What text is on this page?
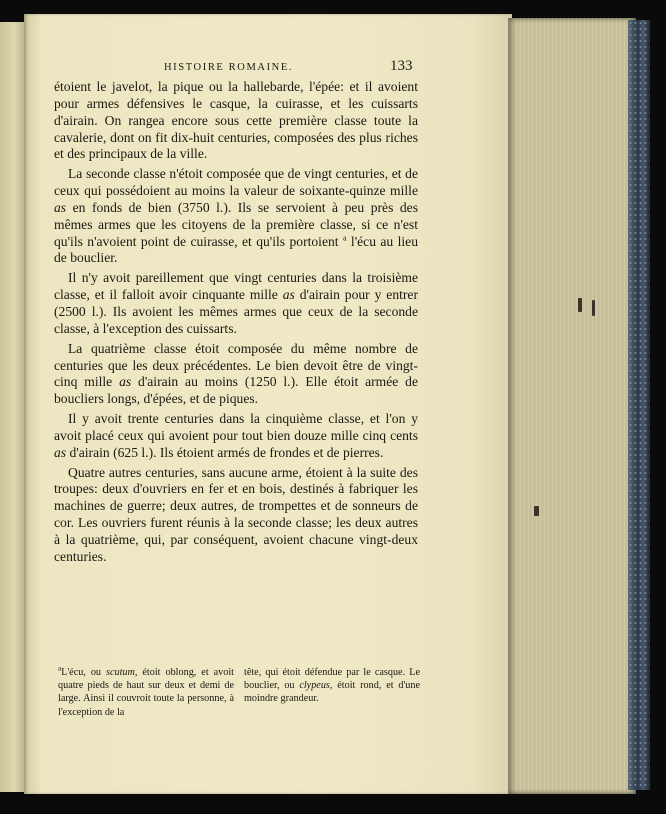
HISTOIRE ROMAINE.	133

étoient le javelot, la pique ou la hallebarde, l'épée: et il avoient pour armes défensives le casque, la cuirasse, et les cuissarts d'airain. On rangea encore sous cette première classe toute la cavalerie, dont on fit dix-huit centuries, composées des plus riches et des principaux de la ville.

La seconde classe n'étoit composée que de vingt centuries, et de ceux qui possédoient au moins la valeur de soixante-quinze mille as en fonds de bien (3750 l.). Ils se servoient à peu près des mêmes armes que les citoyens de la première classe, si ce n'est qu'ils n'avoient point de cuirasse, et qu'ils portoient $^a$ l'écu au lieu de bouclier.

Il n'y avoit pareillement que vingt centuries dans la troisième classe, et il falloit avoir cinquante mille as d'airain pour y entrer (2500 l.). Ils avoient les mêmes armes que ceux de la seconde classe, à l'exception des cuissarts.

La quatrième classe étoit composée du même nombre de centuries que les deux précédentes. Le bien devoit être de vingt-cinq mille as d'airain au moins (1250 l.). Elle étoit armée de boucliers longs, d'épées, et de piques.

Il y avoit trente centuries dans la cinquième classe, et l'on y avoit placé ceux qui avoient pour tout bien douze mille cinq cents as d'airain (625 l.). Ils étoient armés de frondes et de pierres.

Quatre autres centuries, sans aucune arme, étoient à la suite des troupes: deux d'ouvriers en fer et en bois, destinés à fabriquer les machines de guerre; deux autres, de trompettes et de sonneurs de cor. Les ouvriers furent réunis à la seconde classe; les deux autres à la quatrième, qui, par conséquent, avoient chacune vingt-deux centuries.

$^a$L'écu, ou scutum, étoit oblong, et avoit quatre pieds de haut sur deux et demi de large. Ainsi il couvroit toute la personne, à l'exception de la
tête, qui étoit défendue par le casque. Le bouclier, ou clypeus, étoit rond, et d'une moindre grandeur.
